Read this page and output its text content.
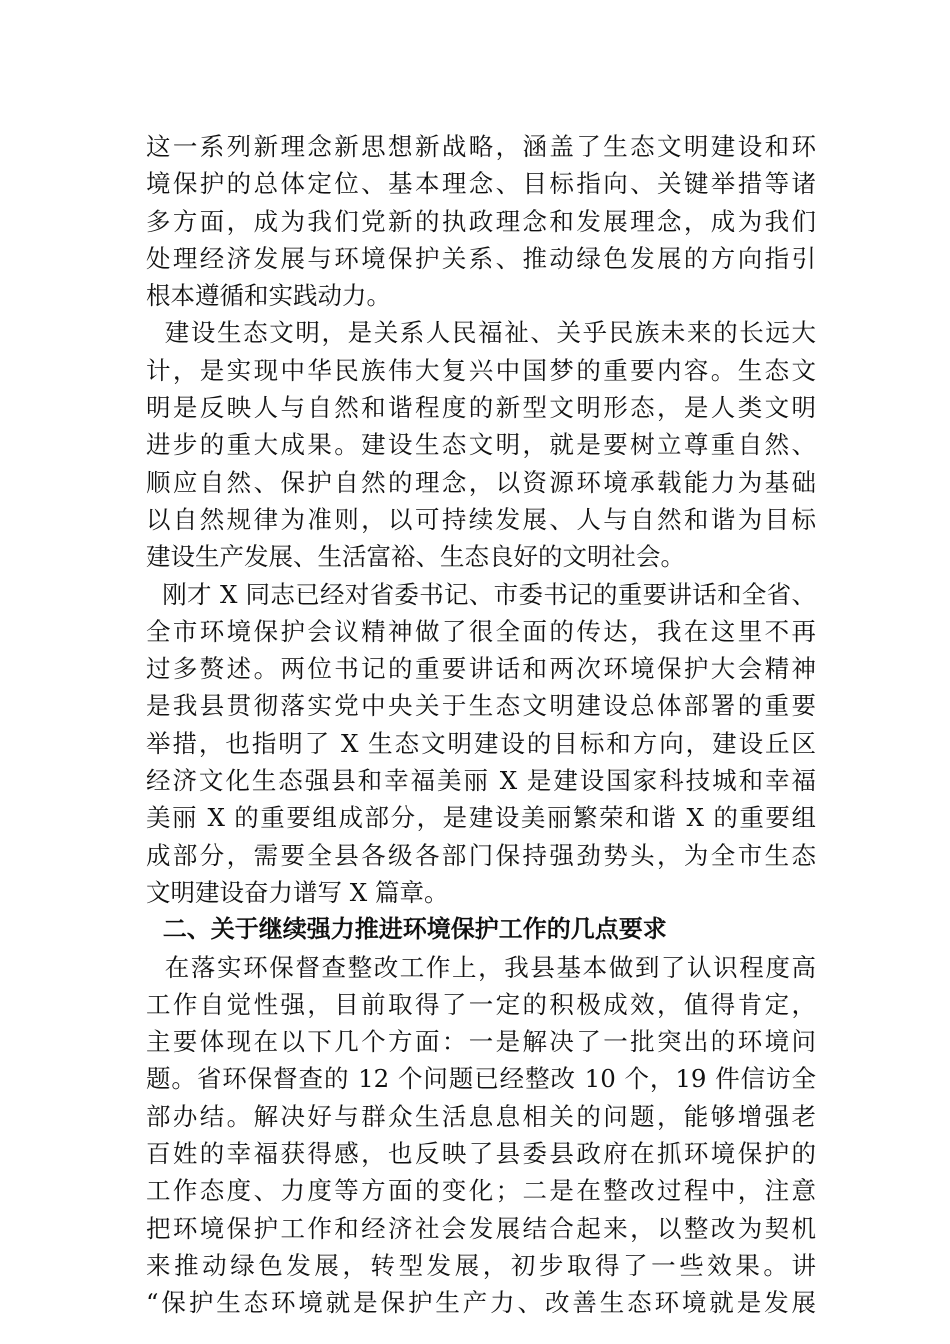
这一系列新理念新思想新战略，涵盖了生态文明建设和环
境保护的总体定位、基本理念、目标指向、关键举措等诸
多方面，成为我们党新的执政理念和发展理念，成为我们
处理经济发展与环境保护关系、推动绿色发展的方向指引
根本遵循和实践动力。
建设生态文明，是关系人民福祉、关乎民族未来的长远大
计，是实现中华民族伟大复兴中国梦的重要内容。生态文
明是反映人与自然和谐程度的新型文明形态，是人类文明
进步的重大成果。建设生态文明，就是要树立尊重自然、
顺应自然、保护自然的理念，以资源环境承载能力为基础
以自然规律为准则，以可持续发展、人与自然和谐为目标
建设生产发展、生活富裕、生态良好的文明社会。
刚才 X 同志已经对省委书记、市委书记的重要讲话和全省、
全市环境保护会议精神做了很全面的传达，我在这里不再
过多赘述。两位书记的重要讲话和两次环境保护大会精神
是我县贯彻落实党中央关于生态文明建设总体部署的重要
举措，也指明了 X 生态文明建设的目标和方向，建设丘区
经济文化生态强县和幸福美丽 X 是建设国家科技城和幸福
美丽 X 的重要组成部分，是建设美丽繁荣和谐 X 的重要组
成部分，需要全县各级各部门保持强劲势头，为全市生态
文明建设奋力谱写 X 篇章。
二、关于继续强力推进环境保护工作的几点要求
在落实环保督查整改工作上，我县基本做到了认识程度高
工作自觉性强，目前取得了一定的积极成效，值得肯定，
主要体现在以下几个方面：一是解决了一批突出的环境问
题。省环保督查的 12 个问题已经整改 10 个，19 件信访全
部办结。解决好与群众生活息息相关的问题，能够增强老
百姓的幸福获得感，也反映了县委县政府在抓环境保护的
工作态度、力度等方面的变化；二是在整改过程中，注意
把环境保护工作和经济社会发展结合起来，以整改为契机
来推动绿色发展，转型发展，初步取得了一些效果。讲
“保护生态环境就是保护生产力、改善生态环境就是发展
